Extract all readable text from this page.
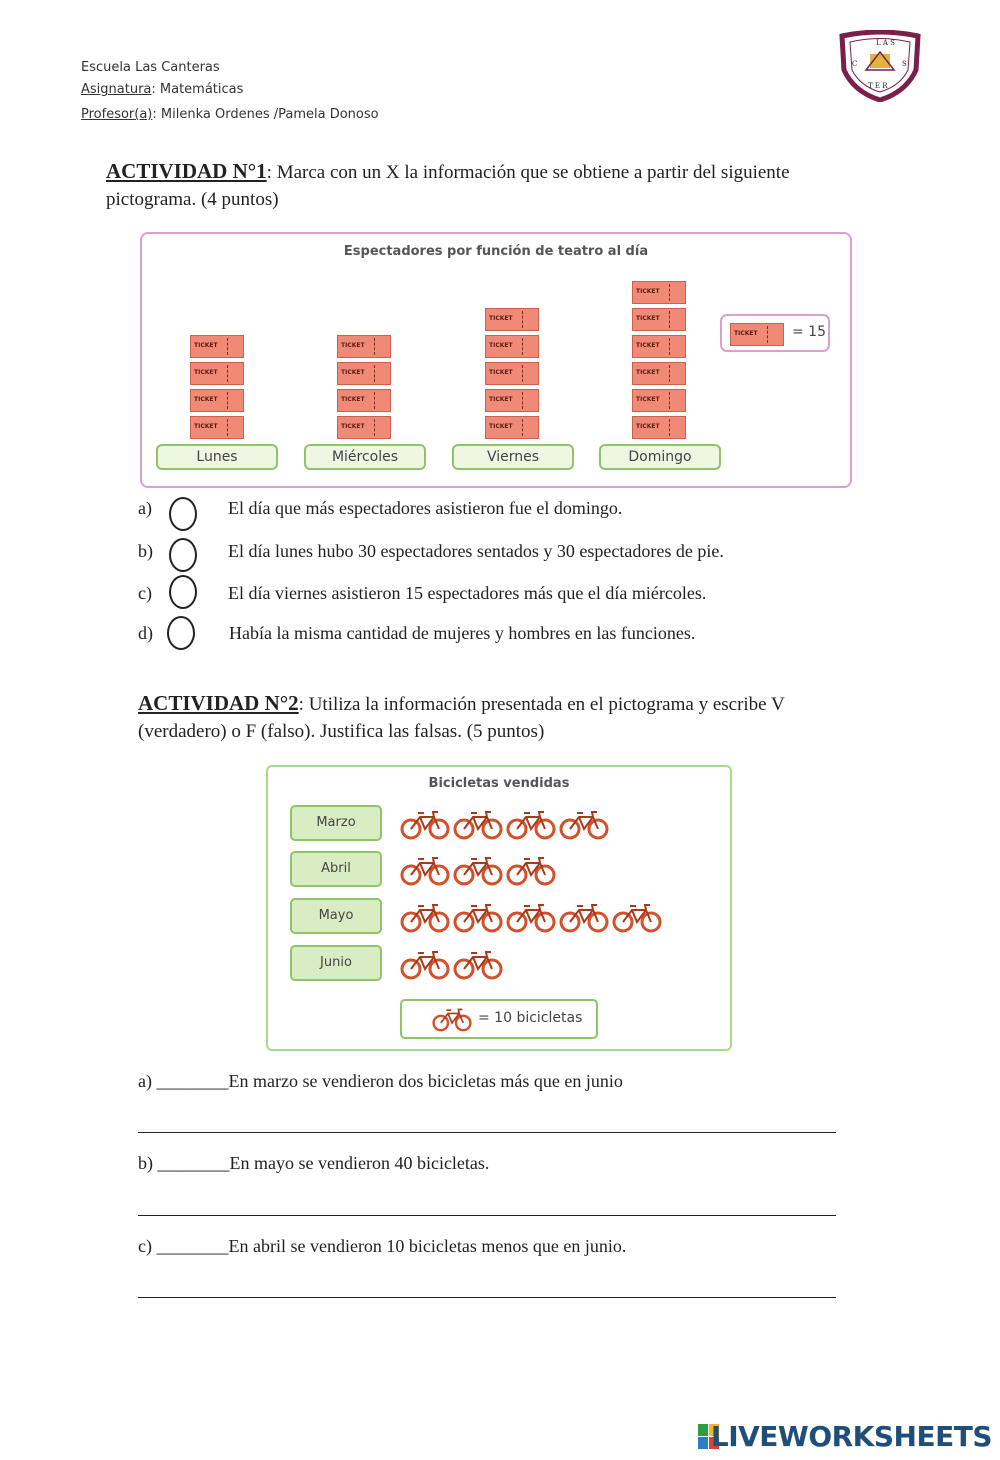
Escuela Las Canteras
Asignatura: Matemáticas
Profesor(a): Milenka Ordenes /Pamela Donoso
L A S
C	S
T E R
ACTIVIDAD N°1: Marca con un X la información que se obtiene a partir del siguiente pictograma. (4 puntos)
Espectadores por función de teatro al día
TICKET
TICKET
TICKET
TICKET
TICKET
TICKET
TICKET
TICKET
TICKET
TICKET
TICKET
TICKET
TICKET
TICKET
TICKET
TICKET
TICKET
TICKET
TICKET
Lunes	Miércoles	Viernes	Domingo
TICKET = 15
a)	El día que más espectadores asistieron fue el domingo.
b)	El día lunes hubo 30 espectadores sentados y 30 espectadores de pie.
c)	El día viernes asistieron 15 espectadores más que el día miércoles.
d)	Había la misma cantidad de mujeres y hombres en las funciones.
ACTIVIDAD N°2: Utiliza la información presentada en el pictograma y escribe V (verdadero) o F (falso). Justifica las falsas. (5 puntos)
Bicicletas vendidas
Marzo
Abril
Mayo
Junio
= 10 bicicletas
a) ________En marzo se vendieron dos bicicletas más que en junio
b) ________En mayo se vendieron 40 bicicletas.
c) ________En abril se vendieron 10 bicicletas menos que en junio.
LIVEWORKSHEETS
